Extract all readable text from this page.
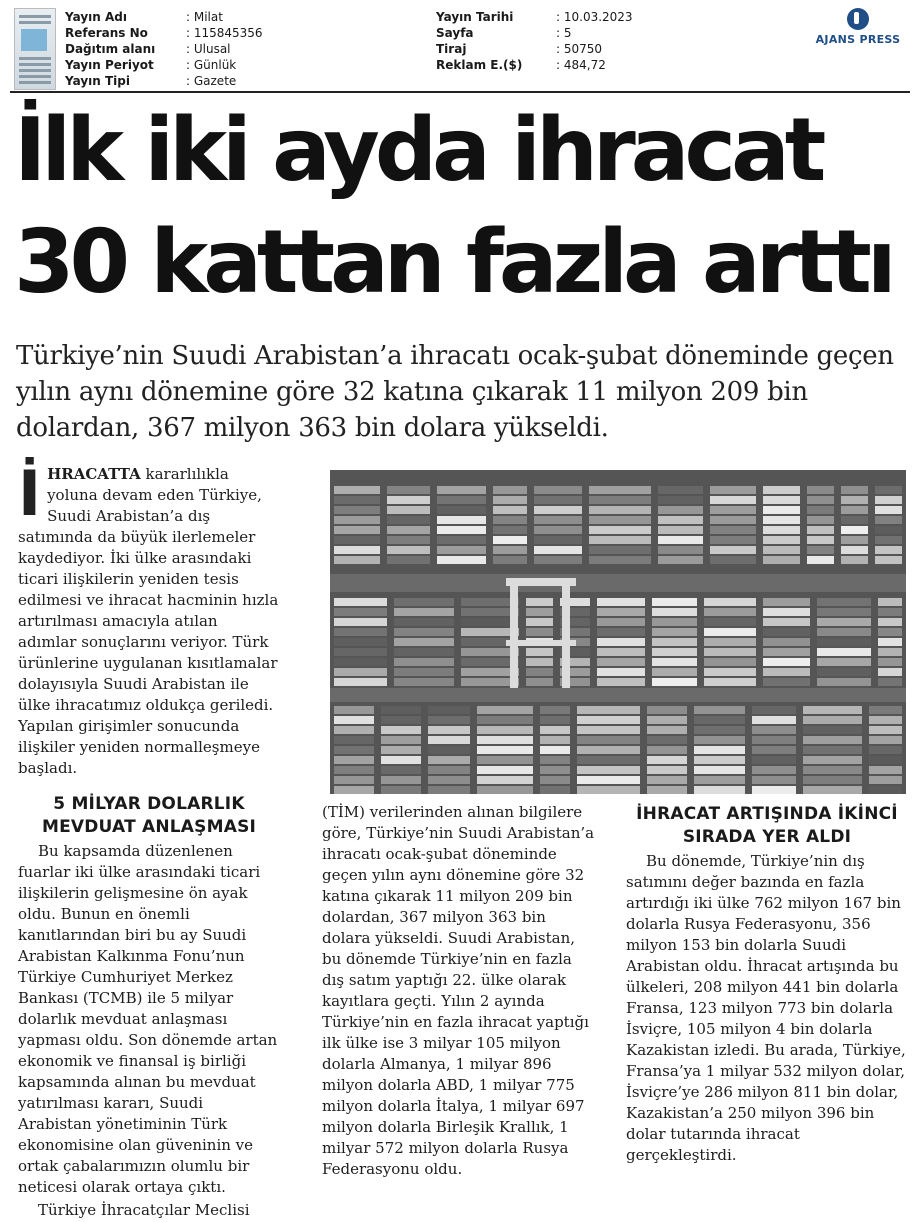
Yayın Adı	: Milat
Referans No	: 115845356
Dağıtım alanı	: Ulusal
Yayın Periyot	: Günlük
Yayın Tipi	: Gazete
Yayın Tarihi	: 10.03.2023
Sayfa	: 5
Tiraj	: 50750
Reklam E.($)	: 484,72
AJANS PRESS
İlk iki ayda ihracat
30 kattan fazla arttı

Türkiye’nin Suudi Arabistan’a ihracatı ocak-şubat döneminde geçen yılın aynı dönemine göre 32 katına çıkarak 11 milyon 209 bin dolardan, 367 milyon 363 bin dolara yükseldi.

İHRACATTA kararlılıkla yoluna devam eden Türkiye, Suudi Arabistan’a dış satımında da büyük ilerlemeler kaydediyor. İki ülke arasındaki ticari ilişkilerin yeniden tesis edilmesi ve ihracat hacminin hızla artırılması amacıyla atılan adımlar sonuçlarını veriyor. Türk ürünlerine uygulanan kısıtlamalar dolayısıyla Suudi Arabistan ile ülke ihracatımız oldukça geriledi. Yapılan girişimler sonucunda ilişkiler yeniden normalleşmeye başladı.

5 MİLYAR DOLARLIK MEVDUAT ANLAŞMASI

Bu kapsamda düzenlenen fuarlar iki ülke arasındaki ticari ilişkilerin gelişmesine ön ayak oldu. Bunun en önemli kanıtlarından biri bu ay Suudi Arabistan Kalkınma Fonu’nun Türkiye Cumhuriyet Merkez Bankası (TCMB) ile 5 milyar dolarlık mevduat anlaşması yapması oldu. Son dönemde artan ekonomik ve finansal iş birliği kapsamında alınan bu mevduat yatırılması kararı, Suudi Arabistan yönetiminin Türk ekonomisine olan güveninin ve ortak çabalarımızın olumlu bir neticesi olarak ortaya çıktı.

Türkiye İhracatçılar Meclisi

(TİM) verilerinden alınan bilgilere göre, Türkiye’nin Suudi Arabistan’a ihracatı ocak-şubat döneminde geçen yılın aynı dönemine göre 32 katına çıkarak 11 milyon 209 bin dolardan, 367 milyon 363 bin dolara yükseldi. Suudi Arabistan, bu dönemde Türkiye’nin en fazla dış satım yaptığı 22. ülke olarak kayıtlara geçti. Yılın 2 ayında Türkiye’nin en fazla ihracat yaptığı ilk ülke ise 3 milyar 105 milyon dolarla Almanya, 1 milyar 896 milyon dolarla ABD, 1 milyar 775 milyon dolarla İtalya, 1 milyar 697 milyon dolarla Birleşik Krallık, 1 milyar 572 milyon dolarla Rusya Federasyonu oldu.

İHRACAT ARTIŞINDA İKİNCİ SIRADA YER ALDI

Bu dönemde, Türkiye’nin dış satımını değer bazında en fazla artırdığı iki ülke 762 milyon 167 bin dolarla Rusya Federasyonu, 356 milyon 153 bin dolarla Suudi Arabistan oldu. İhracat artışında bu ülkeleri, 208 milyon 441 bin dolarla Fransa, 123 milyon 773 bin dolarla İsviçre, 105 milyon 4 bin dolarla Kazakistan izledi. Bu arada, Türkiye, Fransa’ya 1 milyar 532 milyon dolar, İsviçre’ye 286 milyon 811 bin dolar, Kazakistan’a 250 milyon 396 bin dolar tutarında ihracat gerçekleştirdi.
